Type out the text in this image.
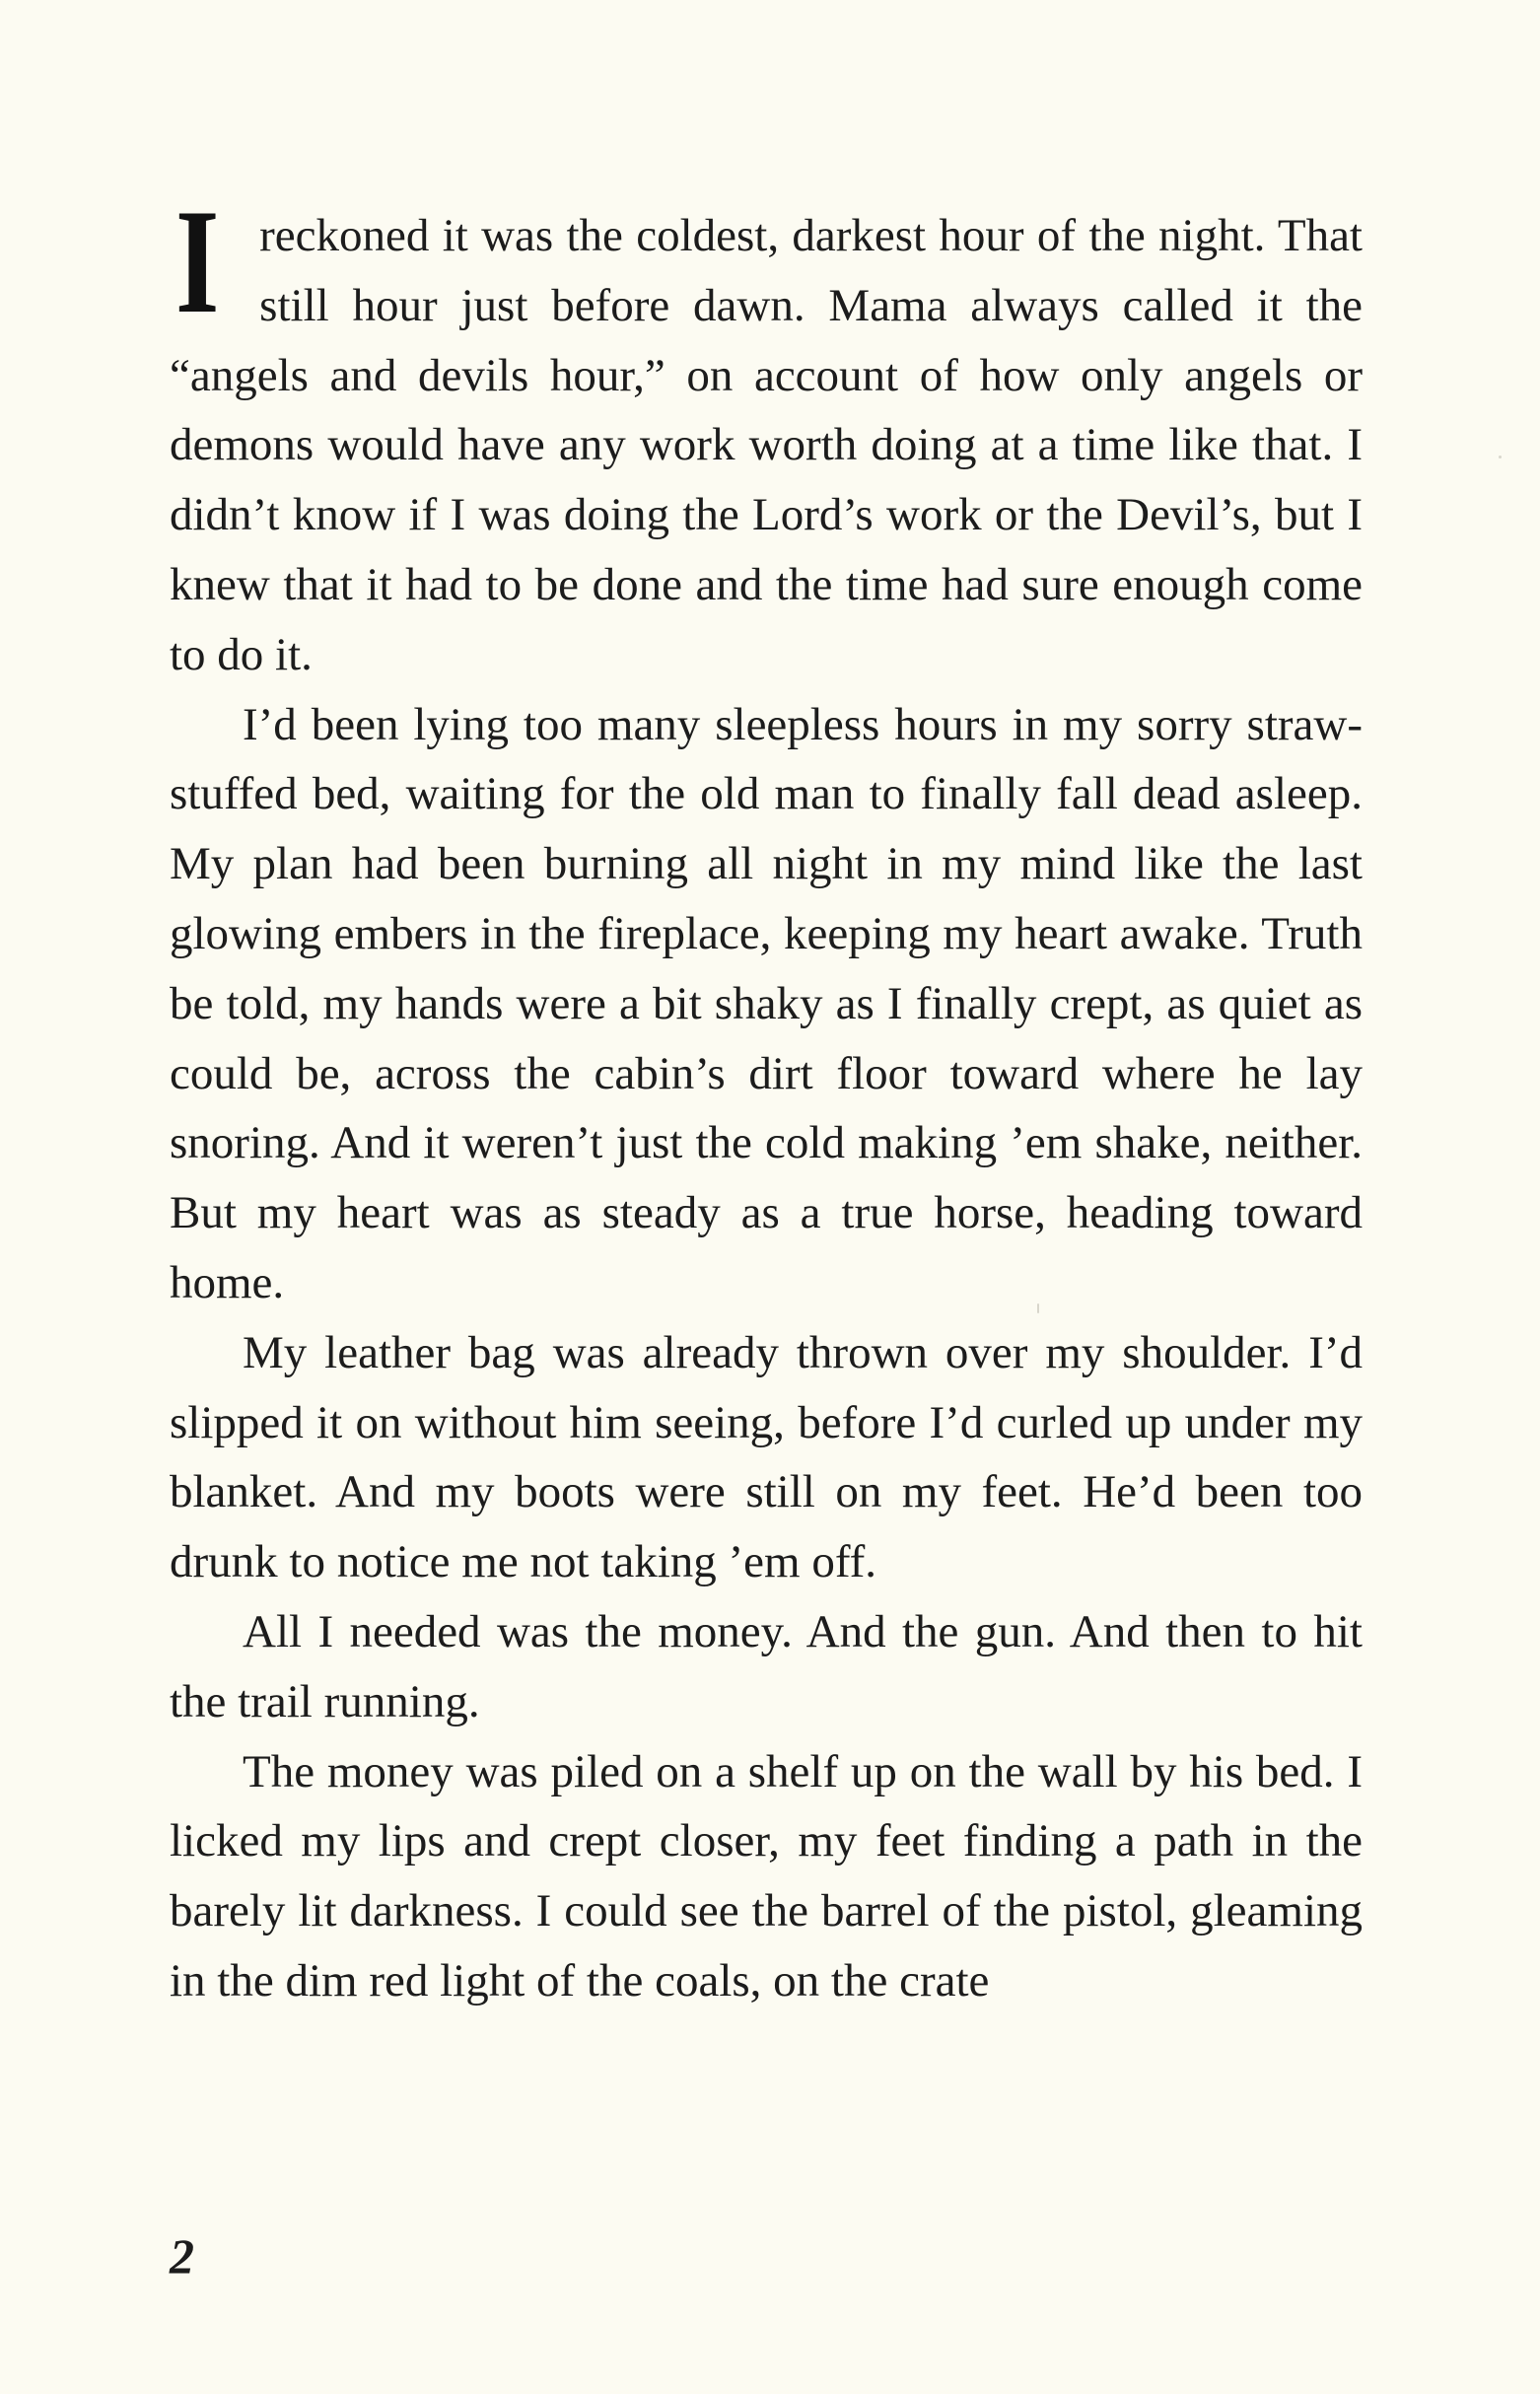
I reckoned it was the coldest, darkest hour of the night. That still hour just before dawn. Mama always called it the “angels and devils hour,” on account of how only angels or demons would have any work worth doing at a time like that. I didn’t know if I was doing the Lord’s work or the Devil’s, but I knew that it had to be done and the time had sure enough come to do it.

I’d been lying too many sleepless hours in my sorry straw-stuffed bed, waiting for the old man to finally fall dead asleep. My plan had been burning all night in my mind like the last glowing embers in the fireplace, keeping my heart awake. Truth be told, my hands were a bit shaky as I finally crept, as quiet as could be, across the cabin’s dirt floor toward where he lay snoring. And it weren’t just the cold making ’em shake, neither. But my heart was as steady as a true horse, heading toward home.

My leather bag was already thrown over my shoulder. I’d slipped it on without him seeing, before I’d curled up under my blanket. And my boots were still on my feet. He’d been too drunk to notice me not taking ’em off.

All I needed was the money. And the gun. And then to hit the trail running.

The money was piled on a shelf up on the wall by his bed. I licked my lips and crept closer, my feet finding a path in the barely lit darkness. I could see the barrel of the pistol, gleaming in the dim red light of the coals, on the crate

2
